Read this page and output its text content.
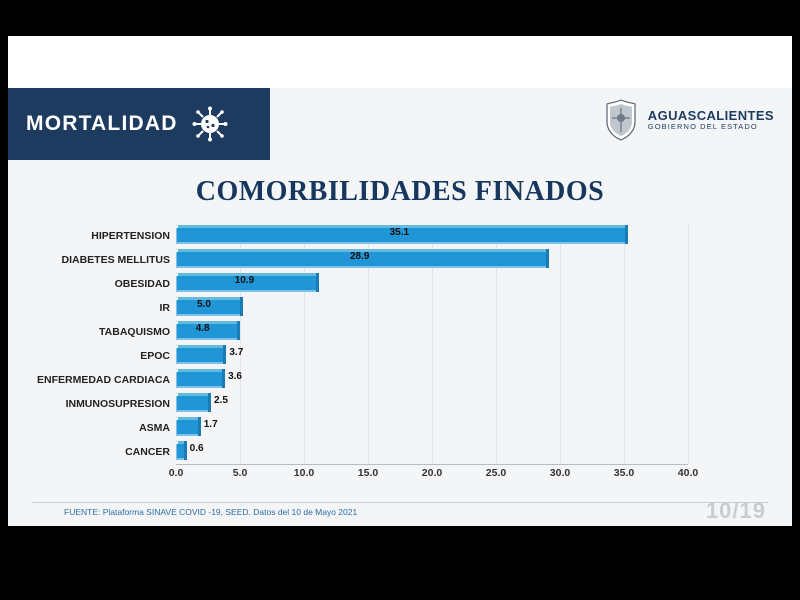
MORTALIDAD	AGUASCALIENTES
GOBIERNO DEL ESTADO
COMORBILIDADES FINADOS
HIPERTENSION
DIABETES MELLITUS
OBESIDAD
IR
TABAQUISMO
EPOC
ENFERMEDAD CARDIACA
INMUNOSUPRESION
ASMA
CANCER
35.1
28.9
10.9
5.0
4.8
3.7
3.6
2.5
1.7
0.6
0.0	5.0	10.0	15.0	20.0	25.0	30.0	35.0	40.0
FUENTE: Plataforma SINAVE COVID -19, SEED. Datos del 10 de Mayo 2021	10/19
